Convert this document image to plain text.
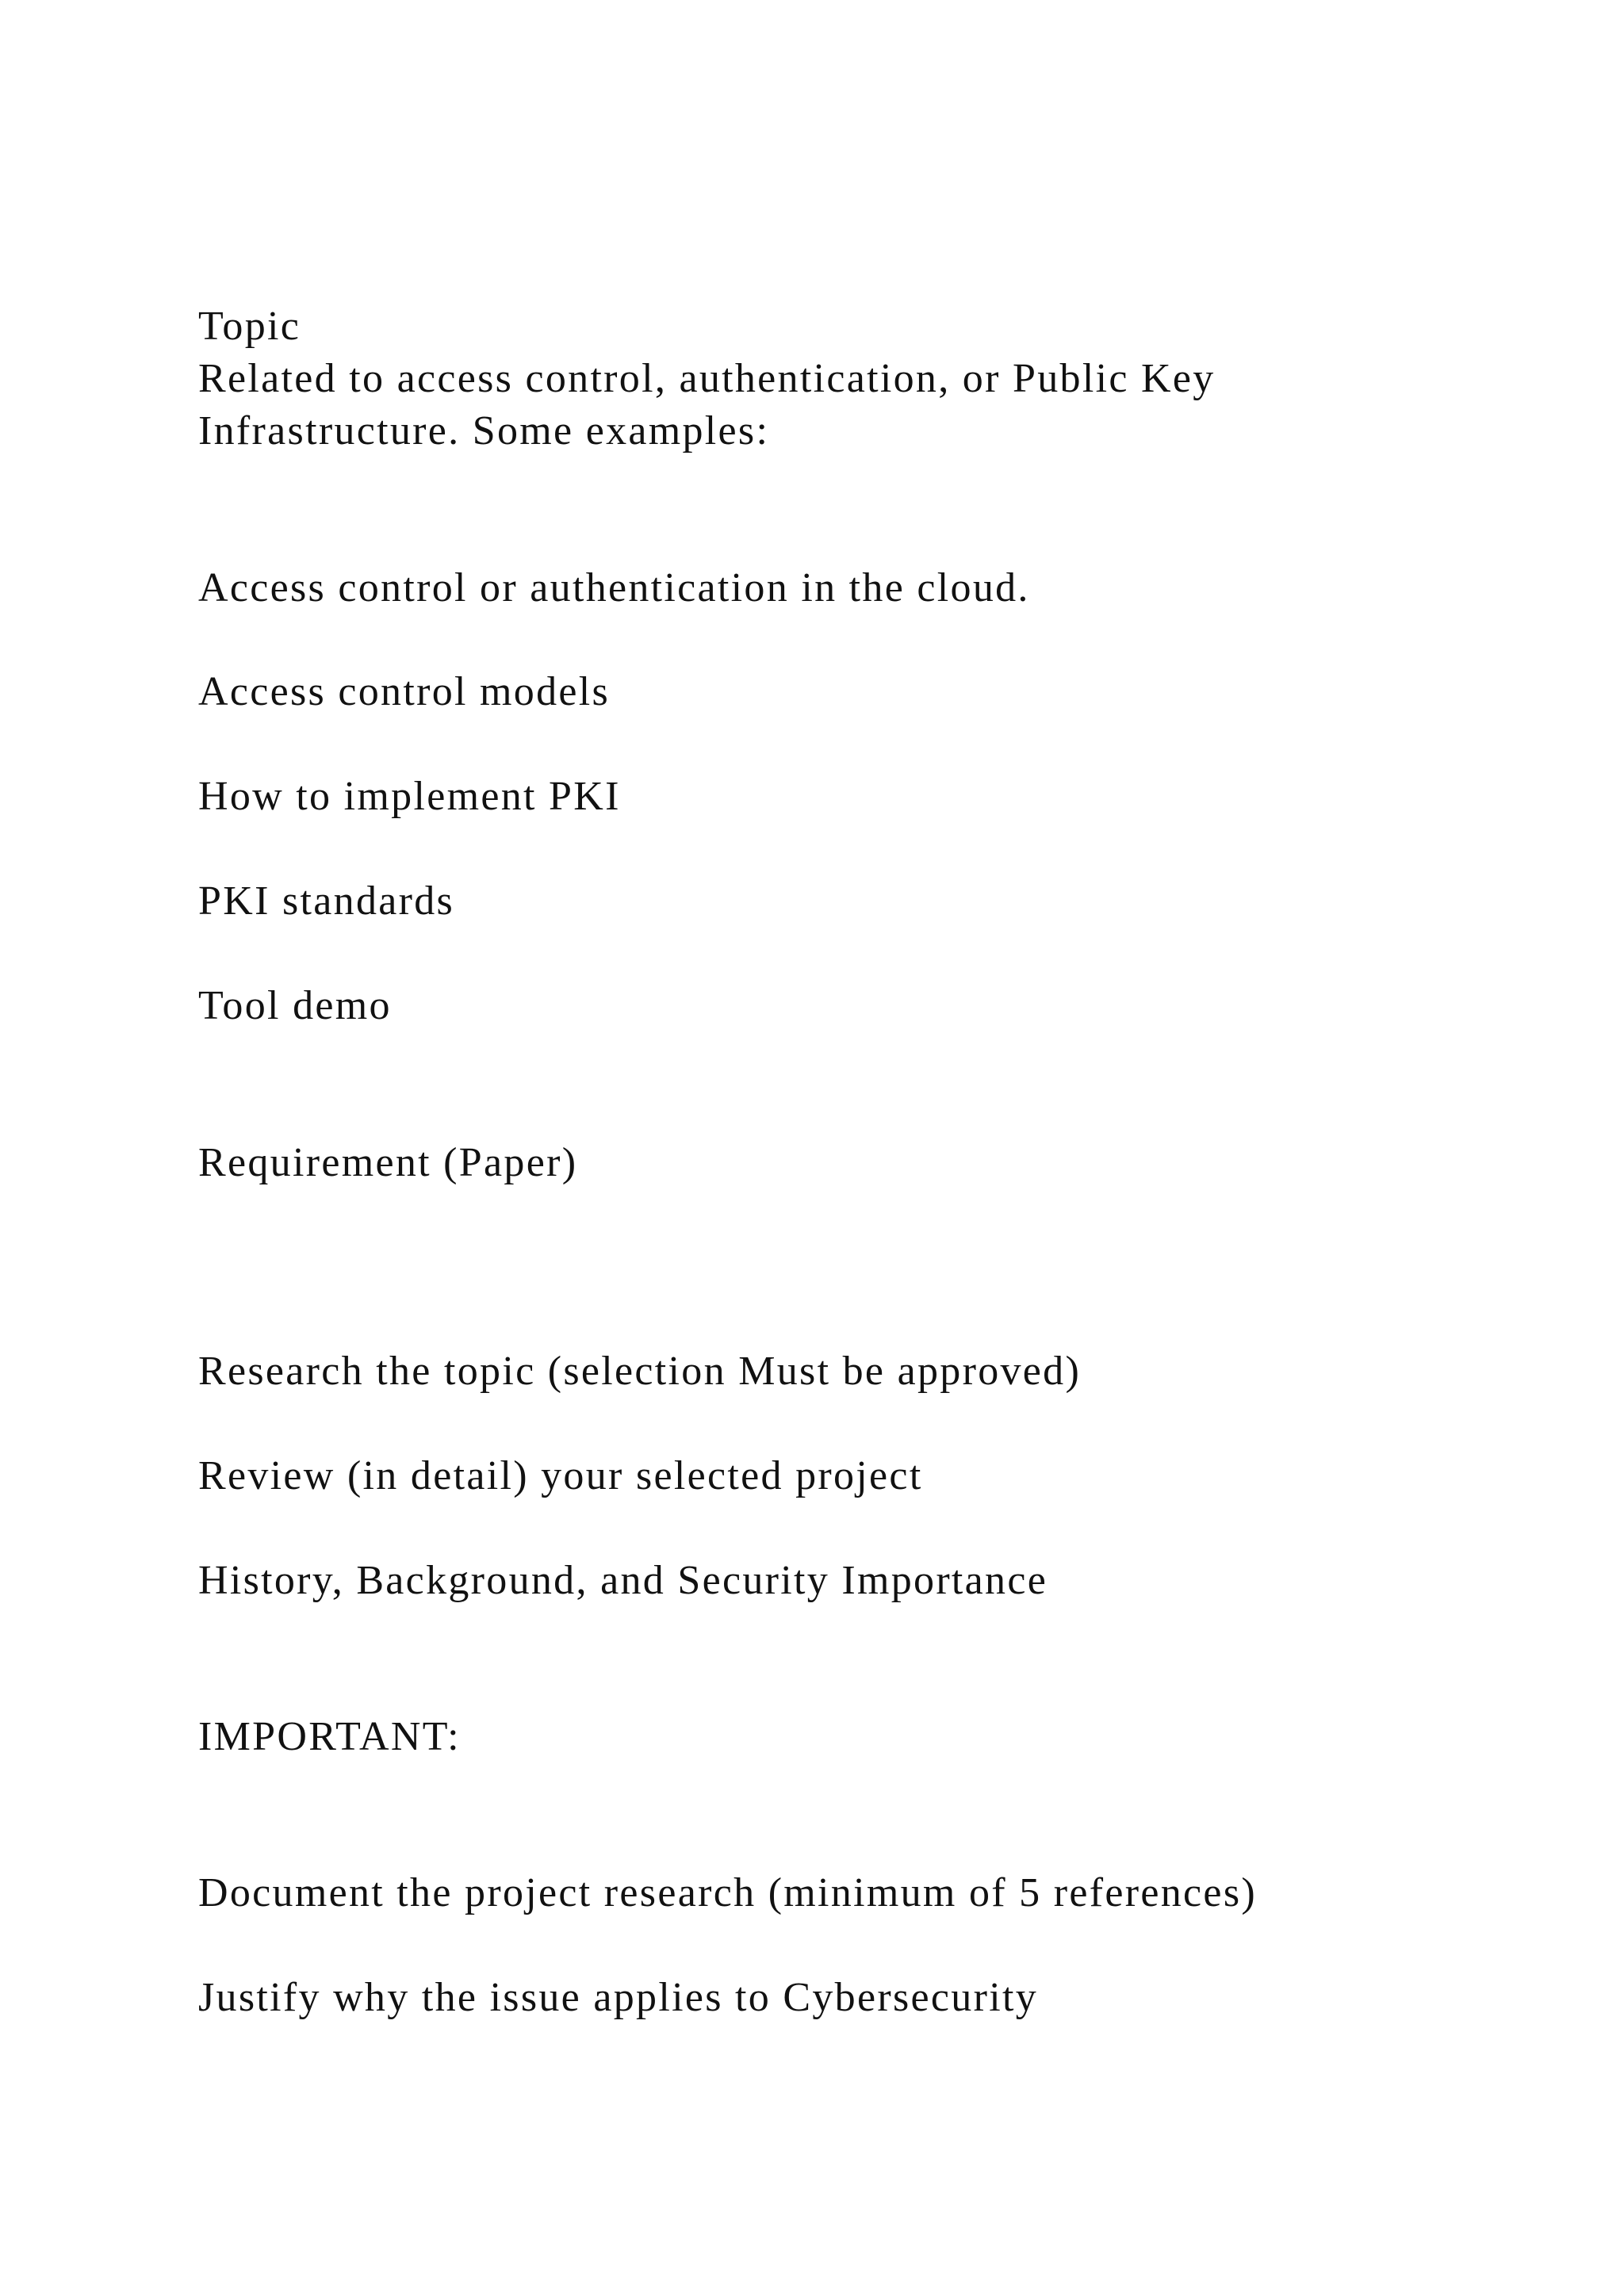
Topic

Related to access control, authentication, or Public Key

Infrastructure. Some examples:

Access control or authentication in the cloud.

Access control models

How to implement PKI

PKI standards

Tool demo

Requirement (Paper)

Research the topic (selection Must be approved)

Review (in detail) your selected project

History, Background, and Security Importance

IMPORTANT:

Document the project research (minimum of 5 references)

Justify why the issue applies to Cybersecurity
